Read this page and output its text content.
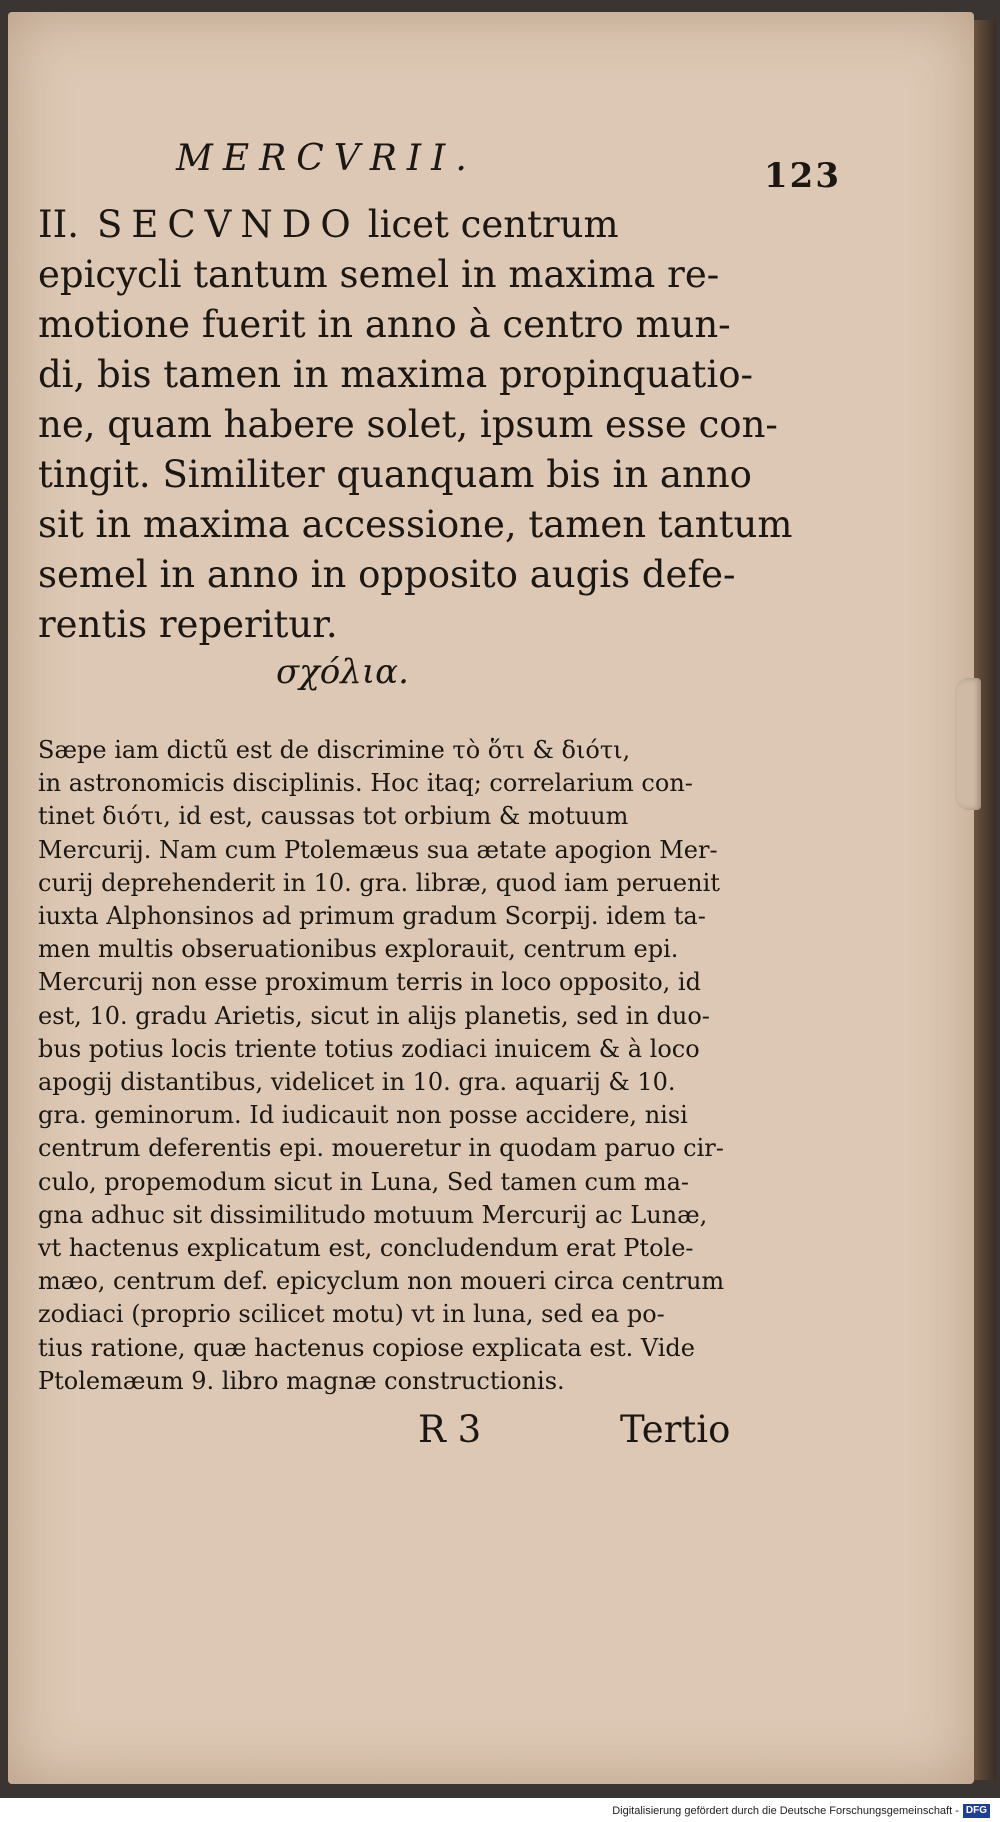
MERCVRII.	123
II. SECVNDO licet centrum
epicycli tantum semel in maxima re-
motione fuerit in anno à centro mun-
di, bis tamen in maxima propinquatio-
ne, quam habere solet, ipsum esse con-
tingit. Similiter quanquam bis in anno
sit in maxima accessione, tamen tantum
semel in anno in opposito augis defe-
rentis reperitur.
σχόλια.
Sæpe iam dictũ est de discrimine τὸ ὅτι & διότι,
in astronomicis disciplinis. Hoc itaq; correlarium con-
tinet διότι, id est, caussas tot orbium & motuum
Mercurij. Nam cum Ptolemæus sua ætate apogion Mer-
curij deprehenderit in 10. gra. libræ, quod iam peruenit
iuxta Alphonsinos ad primum gradum Scorpij. idem ta-
men multis obseruationibus explorauit, centrum epi.
Mercurij non esse proximum terris in loco opposito, id
est, 10. gradu Arietis, sicut in alijs planetis, sed in duo-
bus potius locis triente totius zodiaci inuicem & à loco
apogij distantibus, videlicet in 10. gra. aquarij & 10.
gra. geminorum. Id iudicauit non posse accidere, nisi
centrum deferentis epi. moueretur in quodam paruo cir-
culo, propemodum sicut in Luna, Sed tamen cum ma-
gna adhuc sit dissimilitudo motuum Mercurij ac Lunæ,
vt hactenus explicatum est, concludendum erat Ptole-
mæo, centrum def. epicyclum non moueri circa centrum
zodiaci (proprio scilicet motu) vt in luna, sed ea po-
tius ratione, quæ hactenus copiose explicata est. Vide
Ptolemæum 9. libro magnæ constructionis.
R 3	Tertio
Digitalisierung gefördert durch die Deutsche Forschungsgemeinschaft - DFG
